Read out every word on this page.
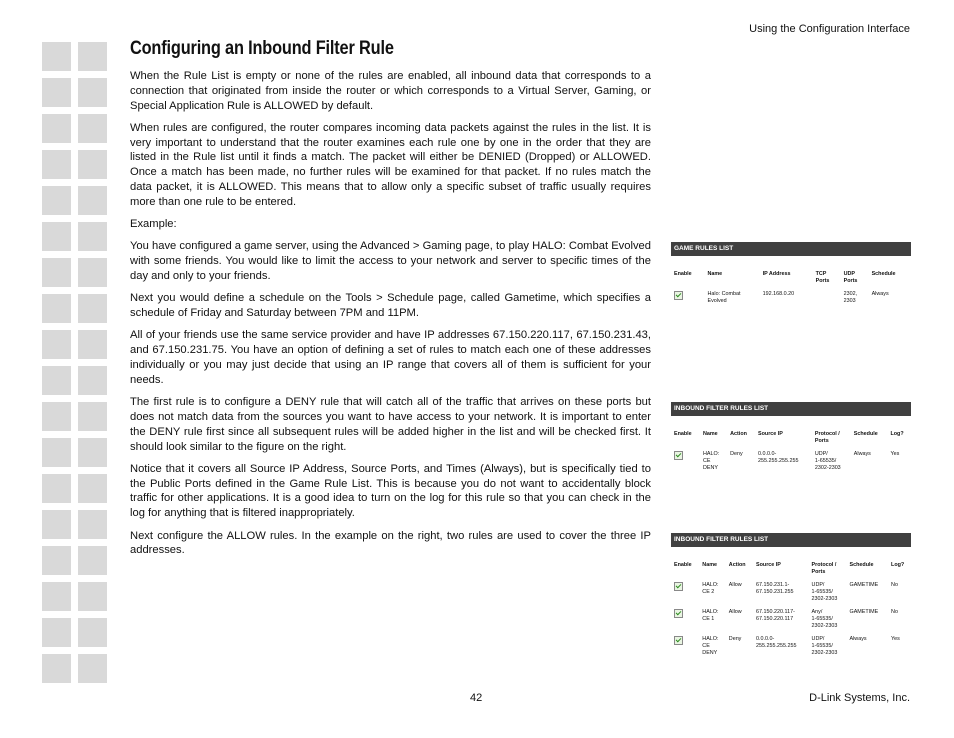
Using the Configuration Interface
Configuring an Inbound Filter Rule

When the Rule List is empty or none of the rules are enabled, all inbound data that corresponds to a connection that originated from inside the router or which corresponds to a Virtual Server, Gaming, or Special Application Rule is ALLOWED by default.

When rules are configured, the router compares incoming data packets against the rules in the list. It is very important to understand that the router examines each rule one by one in the order that they are listed in the Rule list until it finds a match. The packet will either be DENIED (Dropped) or ALLOWED. Once a match has been made, no further rules will be examined for that packet. If no rules match the data packet, it is ALLOWED. This means that to allow only a specific subset of traffic usually requires more than one rule to be entered.

Example:

You have configured a game server, using the Advanced > Gaming page, to play HALO: Combat Evolved with some friends. You would like to limit the access to your network and server to specific times of the day and only to your friends.

Next you would define a schedule on the Tools > Schedule page, called Gametime, which specifies a schedule of Friday and Saturday between 7PM and 11PM.

All of your friends use the same service provider and have IP addresses 67.150.220.117, 67.150.231.43, and 67.150.231.75. You have an option of defining a set of rules to match each one of these addresses individually or you may just decide that using an IP range that covers all of them is sufficient for your needs.

The first rule is to configure a DENY rule that will catch all of the traffic that arrives on these ports but does not match data from the sources you want to have access to your network. It is important to enter the DENY rule first since all subsequent rules will be added higher in the list and will be checked first. It should look similar to the figure on the right.

Notice that it covers all Source IP Address, Source Ports, and Times (Always), but is specifically tied to the Public Ports defined in the Game Rule List. This is because you do not want to accidentally block traffic for other applications. It is a good idea to turn on the log for this rule so that you can check in the log for anything that is filtered inappropriately.

Next configure the ALLOW rules. In the example on the right, two rules are used to cover the three IP addresses.

GAME RULES LIST
Enable	Name	IP Address	TCP
Ports	UDP
Ports	Schedule
	Halo: Combat
Evolved	192.168.0.20		2302,
2303	Always
INBOUND FILTER RULES LIST
Enable	Name	Action	Source IP	Protocol /
Ports	Schedule	Log?
	HALO:
CE
DENY	Deny	0.0.0.0-
255.255.255.255	UDP/
1-65535/
2302-2303	Always	Yes
INBOUND FILTER RULES LIST
Enable	Name	Action	Source IP	Protocol /
Ports	Schedule	Log?
	HALO:
CE 2	Allow	67.150.231.1-
67.150.231.255	UDP/
1-65535/
2302-2303	GAMETIME	No
	HALO:
CE 1	Allow	67.150.220.117-
67.150.220.117	Any/
1-65535/
2302-2303	GAMETIME	No
	HALO:
CE
DENY	Deny	0.0.0.0-
255.255.255.255	UDP/
1-65535/
2302-2303	Always	Yes
42	D-Link Systems, Inc.
